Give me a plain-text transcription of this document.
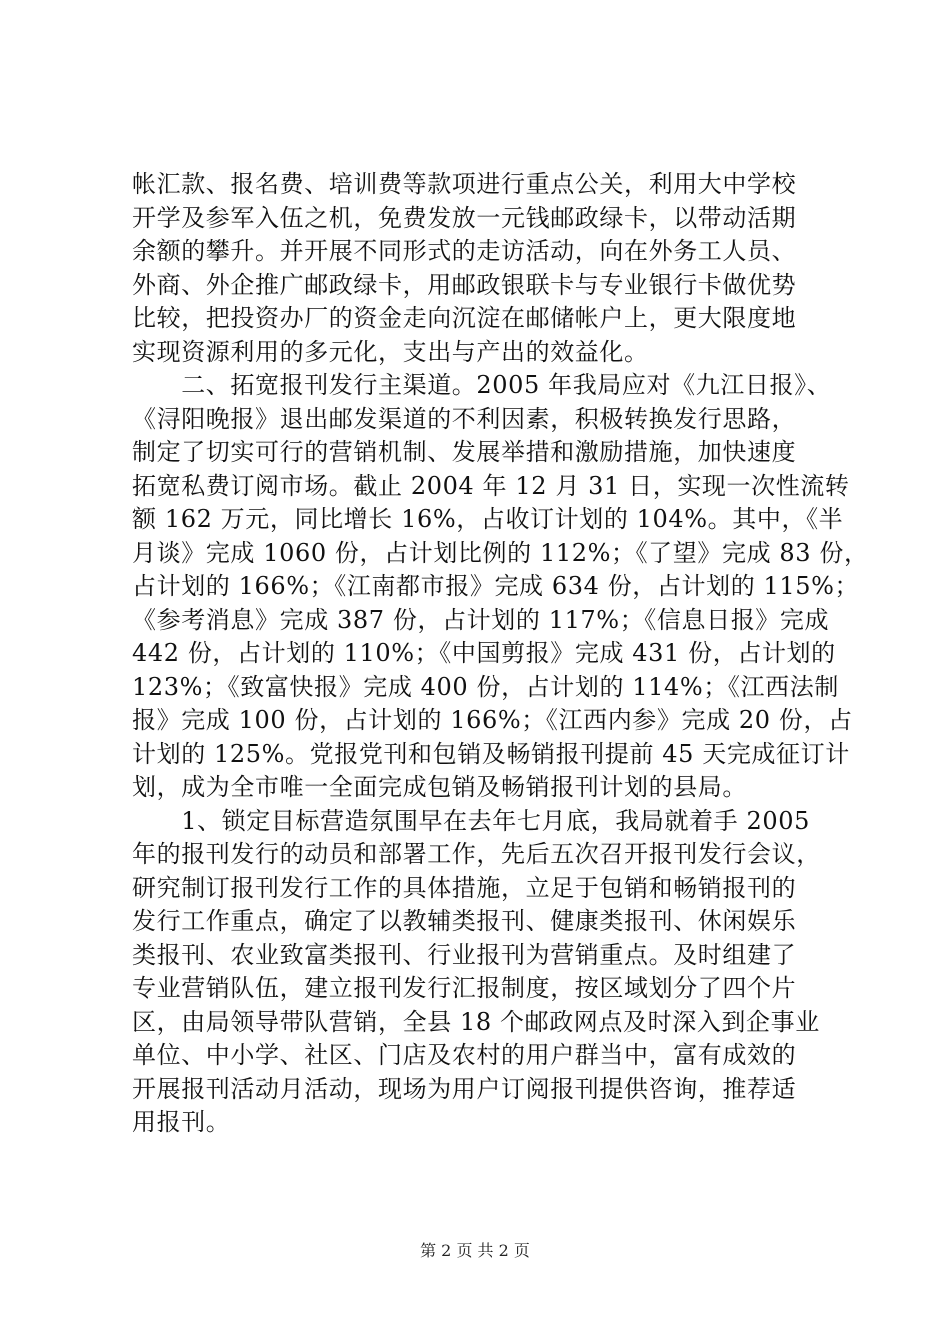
帐汇款、报名费、培训费等款项进行重点公关，利用大中学校
开学及参军入伍之机，免费发放一元钱邮政绿卡，以带动活期
余额的攀升。并开展不同形式的走访活动，向在外务工人员、
外商、外企推广邮政绿卡，用邮政银联卡与专业银行卡做优势
比较，把投资办厂的资金走向沉淀在邮储帐户上，更大限度地
实现资源利用的多元化，支出与产出的效益化。
　　二、拓宽报刊发行主渠道。2005 年我局应对《九江日报》、
《浔阳晚报》退出邮发渠道的不利因素，积极转换发行思路，
制定了切实可行的营销机制、发展举措和激励措施，加快速度
拓宽私费订阅市场。截止 2004 年 12 月 31 日，实现一次性流转
额 162 万元，同比增长 16%，占收订计划的 104%。其中，《半
月谈》完成 1060 份，占计划比例的 112%；《了望》完成 83 份，
占计划的 166%；《江南都市报》完成 634 份，占计划的 115%；
《参考消息》完成 387 份，占计划的 117%；《信息日报》完成
442 份，占计划的 110%；《中国剪报》完成 431 份，占计划的
123%；《致富快报》完成 400 份，占计划的 114%；《江西法制
报》完成 100 份，占计划的 166%；《江西内参》完成 20 份，占
计划的 125%。党报党刊和包销及畅销报刊提前 45 天完成征订计
划，成为全市唯一全面完成包销及畅销报刊计划的县局。
　　1、锁定目标营造氛围早在去年七月底，我局就着手 2005
年的报刊发行的动员和部署工作，先后五次召开报刊发行会议，
研究制订报刊发行工作的具体措施，立足于包销和畅销报刊的
发行工作重点，确定了以教辅类报刊、健康类报刊、休闲娱乐
类报刊、农业致富类报刊、行业报刊为营销重点。及时组建了
专业营销队伍，建立报刊发行汇报制度，按区域划分了四个片
区，由局领导带队营销，全县 18 个邮政网点及时深入到企事业
单位、中小学、社区、门店及农村的用户群当中，富有成效的
开展报刊活动月活动，现场为用户订阅报刊提供咨询，推荐适
用报刊。
第 2 页 共 2 页
